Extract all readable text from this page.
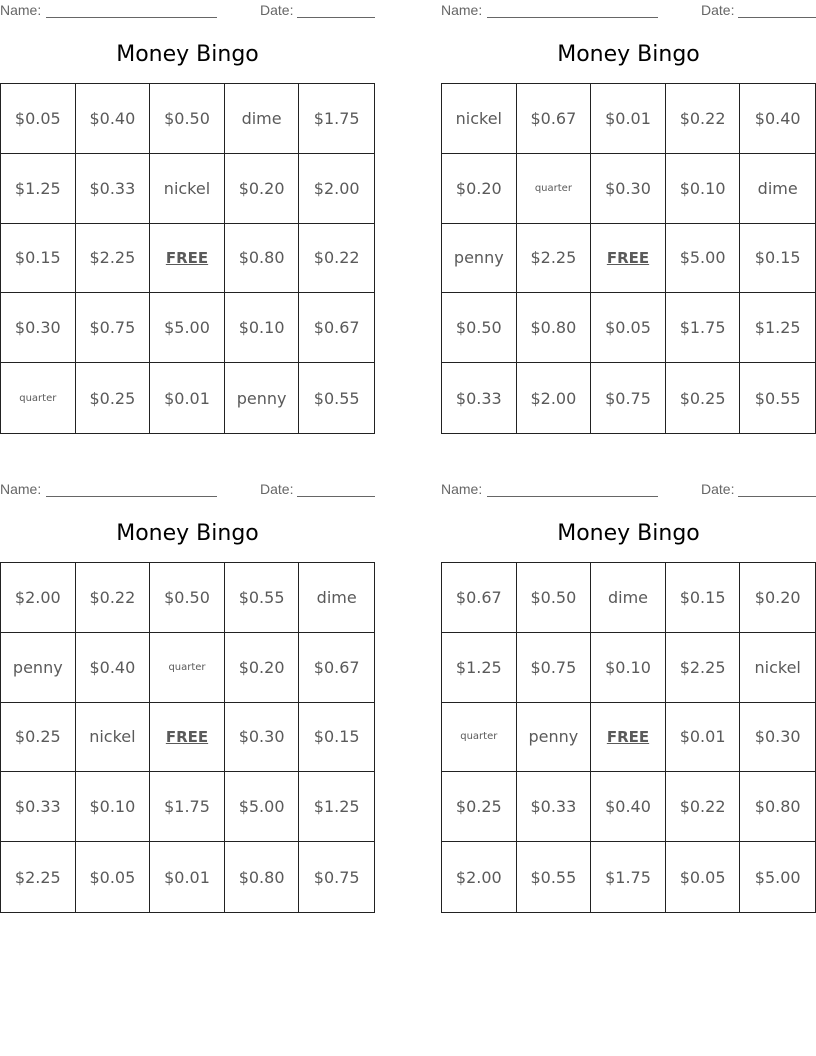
Name:	Date:
Money Bingo
$0.05	$0.40	$0.50	dime	$1.75
$1.25	$0.33	nickel	$0.20	$2.00
$0.15	$2.25	FREE	$0.80	$0.22
$0.30	$0.75	$5.00	$0.10	$0.67
quarter	$0.25	$0.01	penny	$0.55
Name:	Date:
Money Bingo
nickel	$0.67	$0.01	$0.22	$0.40
$0.20	quarter	$0.30	$0.10	dime
penny	$2.25	FREE	$5.00	$0.15
$0.50	$0.80	$0.05	$1.75	$1.25
$0.33	$2.00	$0.75	$0.25	$0.55
Name:	Date:
Money Bingo
$2.00	$0.22	$0.50	$0.55	dime
penny	$0.40	quarter	$0.20	$0.67
$0.25	nickel	FREE	$0.30	$0.15
$0.33	$0.10	$1.75	$5.00	$1.25
$2.25	$0.05	$0.01	$0.80	$0.75
Name:	Date:
Money Bingo
$0.67	$0.50	dime	$0.15	$0.20
$1.25	$0.75	$0.10	$2.25	nickel
quarter	penny	FREE	$0.01	$0.30
$0.25	$0.33	$0.40	$0.22	$0.80
$2.00	$0.55	$1.75	$0.05	$5.00
